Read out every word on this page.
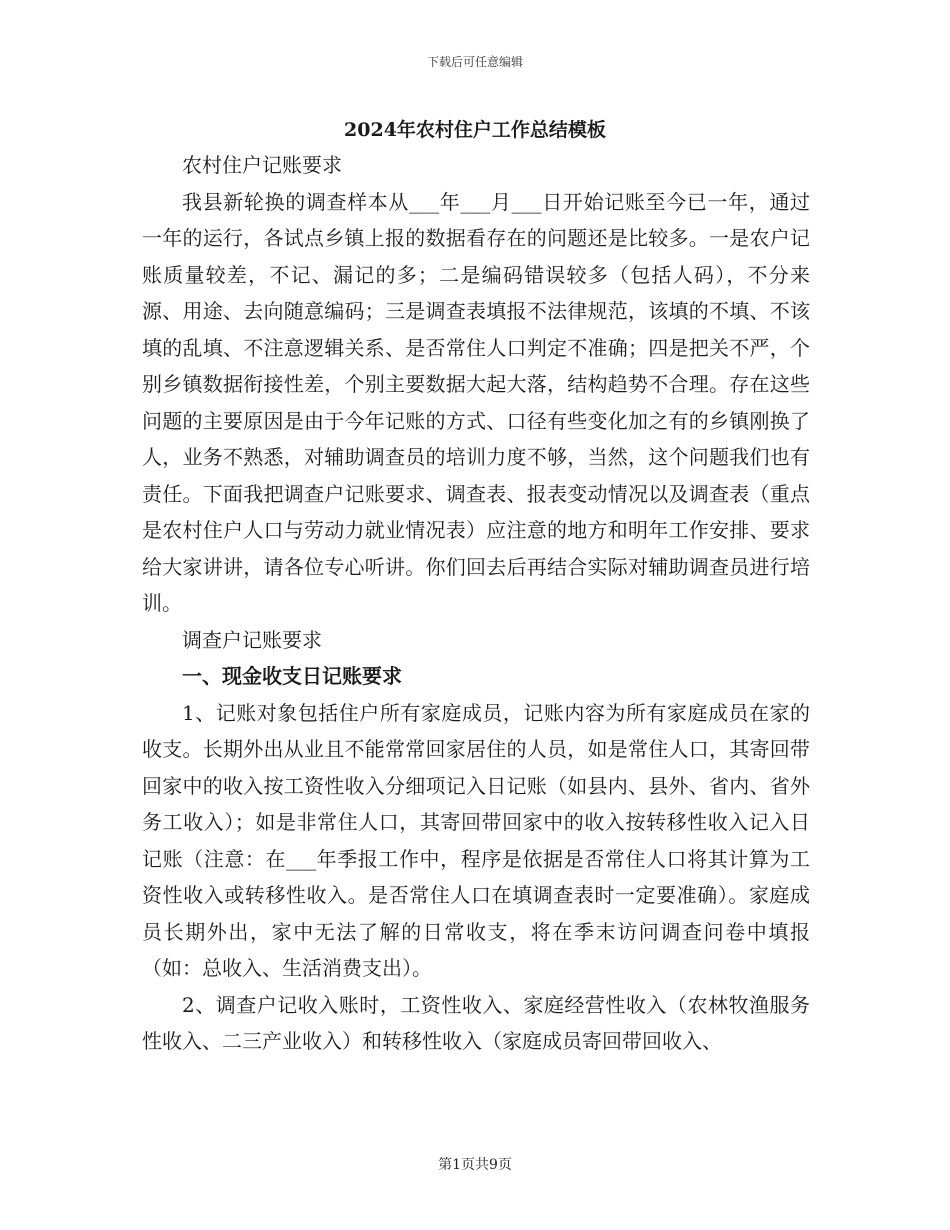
下载后可任意编辑
2024年农村住户工作总结模板

农村住户记账要求

我县新轮换的调查样本从___年___月___日开始记账至今已一年，通过一年的运行，各试点乡镇上报的数据看存在的问题还是比较多。一是农户记账质量较差，不记、漏记的多；二是编码错误较多（包括人码），不分来源、用途、去向随意编码；三是调查表填报不法律规范，该填的不填、不该填的乱填、不注意逻辑关系、是否常住人口判定不准确；四是把关不严，个别乡镇数据衔接性差，个别主要数据大起大落，结构趋势不合理。存在这些问题的主要原因是由于今年记账的方式、口径有些变化加之有的乡镇刚换了人，业务不熟悉，对辅助调查员的培训力度不够，当然，这个问题我们也有责任。下面我把调查户记账要求、调查表、报表变动情况以及调查表（重点是农村住户人口与劳动力就业情况表）应注意的地方和明年工作安排、要求给大家讲讲，请各位专心听讲。你们回去后再结合实际对辅助调查员进行培训。

调查户记账要求

一、现金收支日记账要求

1、记账对象包括住户所有家庭成员，记账内容为所有家庭成员在家的收支。长期外出从业且不能常常回家居住的人员，如是常住人口，其寄回带回家中的收入按工资性收入分细项记入日记账（如县内、县外、省内、省外务工收入）；如是非常住人口，其寄回带回家中的收入按转移性收入记入日记账（注意：在___年季报工作中，程序是依据是否常住人口将其计算为工资性收入或转移性收入。是否常住人口在填调查表时一定要准确）。家庭成员长期外出，家中无法了解的日常收支，将在季末访问调查问卷中填报（如：总收入、生活消费支出）。

2、调查户记收入账时，工资性收入、家庭经营性收入（农林牧渔服务性收入、二三产业收入）和转移性收入（家庭成员寄回带回收入、

第1页共9页
